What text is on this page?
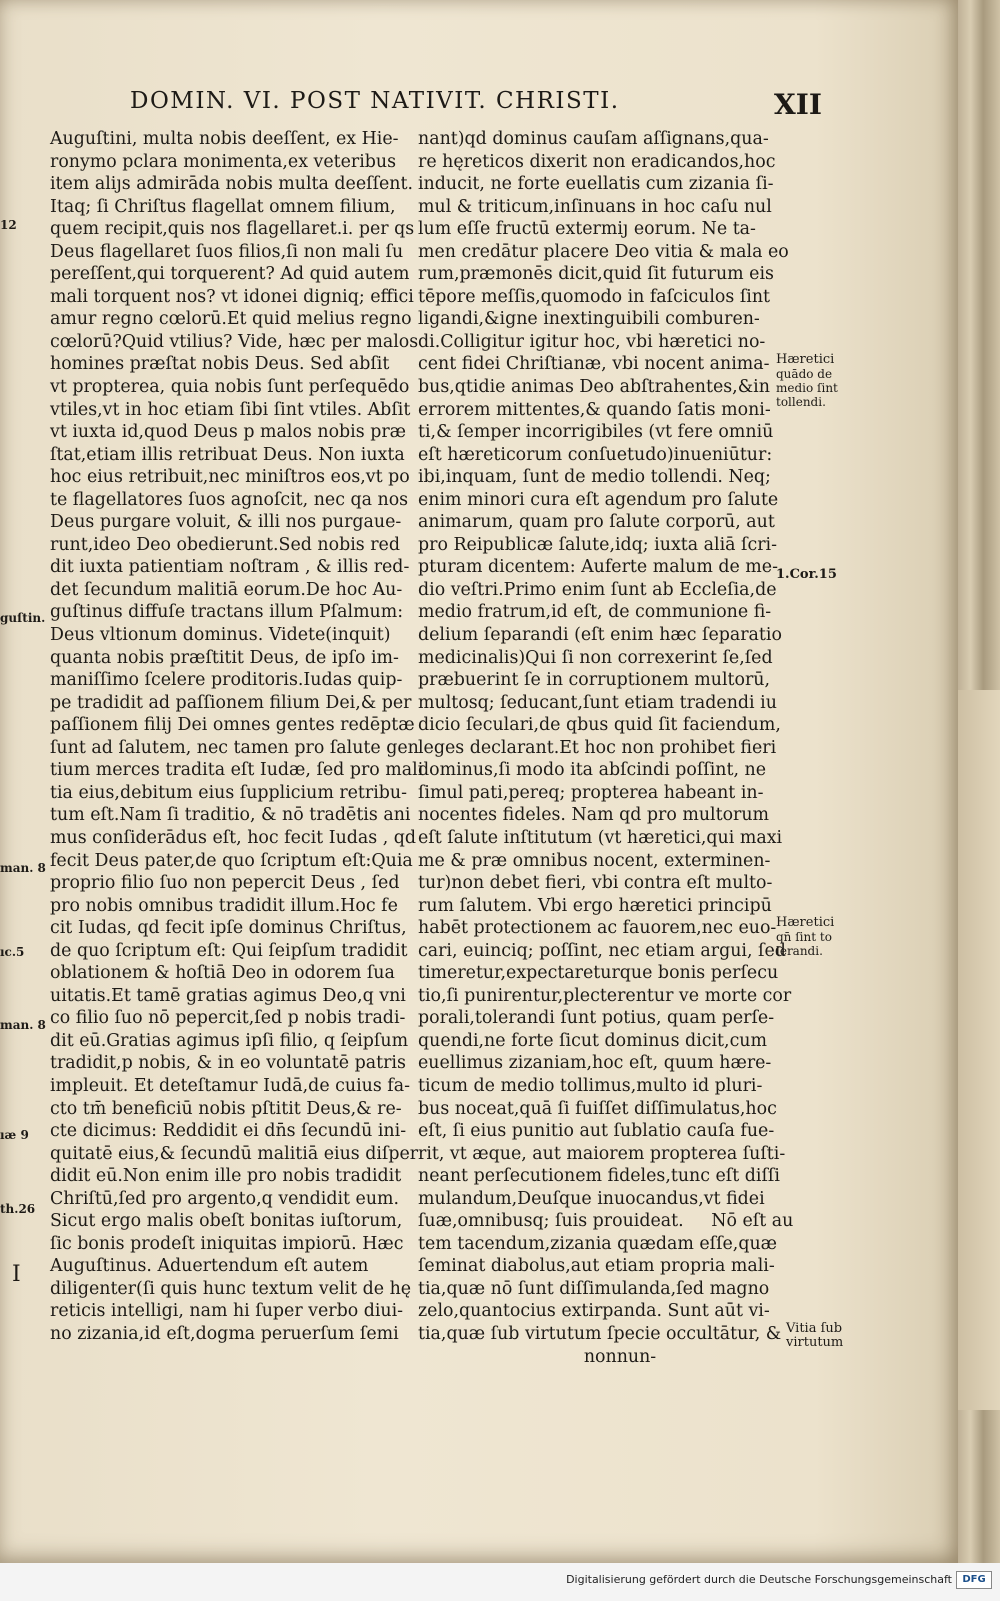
DOMIN. VI. POST NATIVIT. CHRISTI.	XII
Auguſtini, multa nobis deeſſent, ex Hie-
ronymo pclara monimenta,ex veteribus
item aliȷs admirāda nobis multa deeſſent.
Itaq; ſi Chriſtus flagellat omnem filium,
quem recipit,quis nos flagellaret.i. per qs
Deus flagellaret ſuos filios,ſi non mali ſu
pereſſent,qui torquerent? Ad quid autem
mali torquent nos? vt idonei digniq; effici
amur regno cœlorū.Et quid melius regno
cœlorū?Quid vtilius? Vide, hæc per malos
homines præſtat nobis Deus. Sed abſit
vt propterea, quia nobis ſunt perſequēdo
vtiles,vt in hoc etiam ſibi ſint vtiles. Abſit
vt iuxta id,quod Deus p malos nobis præ
ſtat,etiam illis retribuat Deus. Non iuxta
hoc eius retribuit,nec miniſtros eos,vt po
te flagellatores ſuos agnoſcit, nec qa nos
Deus purgare voluit, & illi nos purgaue-
runt,ideo Deo obedierunt.Sed nobis red
dit iuxta patientiam noſtram , & illis red-
det ſecundum malitiā eorum.De hoc Au-
guſtinus diffuſe tractans illum Pſalmum:
Deus vltionum dominus. Videte(inquit)
quanta nobis præſtitit Deus, de ipſo im-
maniſſimo ſcelere proditoris.Iudas quip-
pe tradidit ad paſſionem filium Dei,& per
paſſionem filij Dei omnes gentes redēptæ
ſunt ad ſalutem, nec tamen pro ſalute gen
tium merces tradita eſt Iudæ, ſed pro mali
tia eius,debitum eius ſupplicium retribu-
tum eſt.Nam ſi traditio, & nō tradētis ani
mus conſiderādus eſt, hoc fecit Iudas , qd
fecit Deus pater,de quo ſcriptum eſt:Quia
proprio filio ſuo non pepercit Deus , ſed
pro nobis omnibus tradidit illum.Hoc fe
cit Iudas, qd fecit ipſe dominus Chriſtus,
de quo ſcriptum eſt: Qui ſeipſum tradidit
oblationem & hoſtiā Deo in odorem ſua
uitatis.Et tamē gratias agimus Deo,q vni
co filio ſuo nō pepercit,ſed p nobis tradi-
dit eū.Gratias agimus ipſi filio, q ſeipſum
tradidit,p nobis, & in eo voluntatē patris
impleuit. Et deteſtamur Iudā,de cuius fa-
cto tm̄ beneficiū nobis pſtitit Deus,& re-
cte dicimus: Reddidit ei dn̄s ſecundū ini-
quitatē eius,& ſecundū malitiā eius diſper
didit eū.Non enim ille pro nobis tradidit
Chriſtū,ſed pro argento,q vendidit eum.
Sicut ergo malis obeſt bonitas iuſtorum,
ſic bonis prodeſt iniquitas impiorū. Hæc
Auguſtinus. Aduertendum eſt autem
diligenter(ſi quis hunc textum velit de hę
reticis intelligi, nam hi ſuper verbo diui-
no zizania,id eſt,dogma peruerſum ſemi
nant)qd dominus cauſam aſſignans,qua-
re hęreticos dixerit non eradicandos,hoc
inducit, ne forte euellatis cum zizania ſi-
mul & triticum,inſinuans in hoc caſu nul
lum eſſe fructū extermiȷ eorum. Ne ta-
men credātur placere Deo vitia & mala eo
rum,præmonēs dicit,quid ſit futurum eis
tēpore meſſis,quomodo in faſciculos ſint
ligandi,&igne inextinguibili comburen-
di.Colligitur igitur hoc, vbi hæretici no-
cent fidei Chriſtianæ, vbi nocent anima-
bus,qtidie animas Deo abſtrahentes,&in
errorem mittentes,& quando ſatis moni-
ti,& ſemper incorrigibiles (vt fere omniū
eſt hæreticorum conſuetudo)inueniūtur:
ibi,inquam, ſunt de medio tollendi. Neq;
enim minori cura eſt agendum pro ſalute
animarum, quam pro ſalute corporū, aut
pro Reipublicæ ſalute,idq; iuxta aliā ſcri-
pturam dicentem: Auferte malum de me-
dio veſtri.Primo enim ſunt ab Eccleſia,de
medio fratrum,id eſt, de communione fi-
delium ſeparandi (eſt enim hæc ſeparatio
medicinalis)Qui ſi non correxerint ſe,ſed
præbuerint ſe in corruptionem multorū,
multosq; ſeducant,ſunt etiam tradendi iu
dicio ſeculari,de qbus quid ſit faciendum,
leges declarant.Et hoc non prohibet fieri
dominus,ſi modo ita abſcindi poſſint, ne
ſimul pati,pereq; propterea habeant in-
nocentes fideles. Nam qd pro multorum
eſt ſalute inſtitutum (vt hæretici,qui maxi
me & præ omnibus nocent, exterminen-
tur)non debet fieri, vbi contra eſt multo-
rum ſalutem. Vbi ergo hæretici principū
habēt protectionem ac fauorem,nec euo-
cari, euinciq; poſſint, nec etiam argui, ſed
timeretur,expectareturque bonis perſecu
tio,ſi punirentur,plecterentur ve morte cor
porali,tolerandi ſunt potius, quam perſe-
quendi,ne forte ſicut dominus dicit,cum
euellimus zizaniam,hoc eſt, quum hære-
ticum de medio tollimus,multo id pluri-
bus noceat,quā ſi fuiſſet diſſimulatus,hoc
eſt, ſi eius punitio aut ſublatio cauſa fue-
rit, vt æque, aut maiorem propterea ſuſti-
neant perſecutionem fideles,tunc eſt diſſi
mulandum,Deuſque inuocandus,vt fidei
ſuæ,omnibusq; ſuis prouideat.     Nō eſt au
tem tacendum,zizania quædam eſſe,quæ
ſeminat diabolus,aut etiam propria mali-
tia,quæ nō ſunt diſſimulanda,ſed magno
zelo,quantocius extirpanda. Sunt aūt vi-
tia,quæ ſub virtutum ſpecie occultātur, &
nonnun-
Hæretici
quādo de
medio ſint
tollendi.
1.Cor.15
Hæretici
qn̄ ſint to
lerandi.
Vitia ſub
virtutum
12
guſtin.
man. 8
ıc.5
man. 8
ıæ 9
th.26
I
Digitalisierung gefördert durch die Deutsche Forschungsgemeinschaft	DFG
